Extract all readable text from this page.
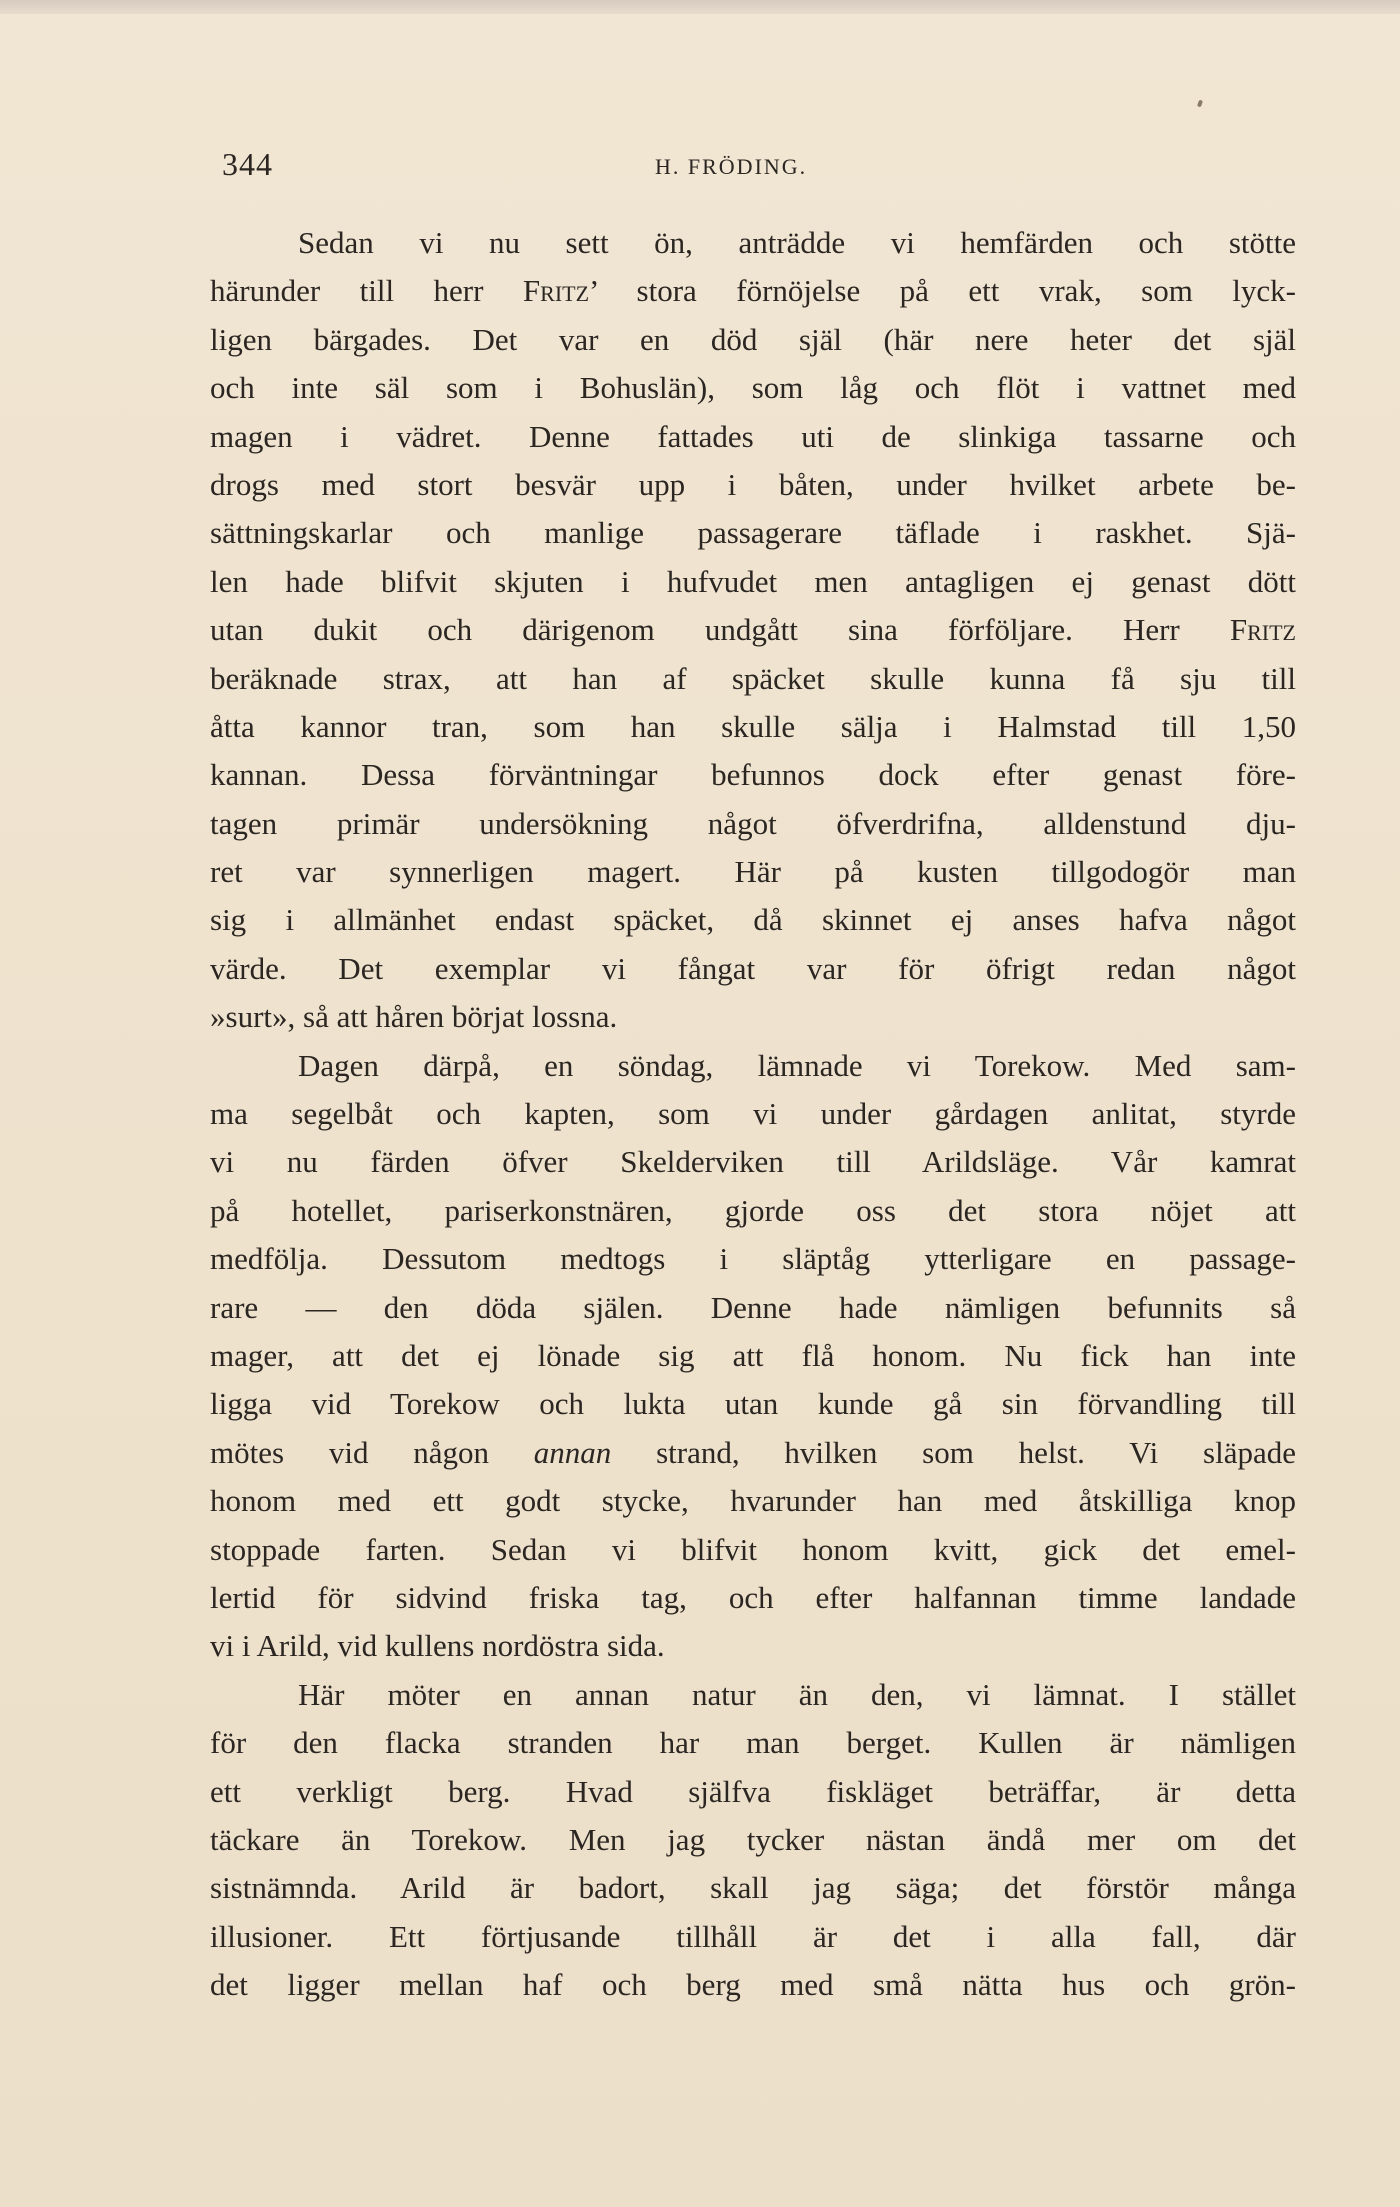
344	H. FRÖDING.
Sedan vi nu sett ön, anträdde vi hemfärden och stötte
härunder till herr Fritz’ stora förnöjelse på ett vrak, som lyck-
ligen bärgades. Det var en död själ (här nere heter det själ
och inte säl som i Bohuslän), som låg och flöt i vattnet med
magen i vädret. Denne fattades uti de slinkiga tassarne och
drogs med stort besvär upp i båten, under hvilket arbete be-
sättningskarlar och manlige passagerare täflade i raskhet. Sjä-
len hade blifvit skjuten i hufvudet men antagligen ej genast dött
utan dukit och därigenom undgått sina förföljare. Herr Fritz
beräknade strax, att han af späcket skulle kunna få sju till
åtta kannor tran, som han skulle sälja i Halmstad till 1,50
kannan. Dessa förväntningar befunnos dock efter genast före-
tagen primär undersökning något öfverdrifna, alldenstund dju-
ret var synnerligen magert. Här på kusten tillgodogör man
sig i allmänhet endast späcket, då skinnet ej anses hafva något
värde. Det exemplar vi fångat var för öfrigt redan något
»surt», så att håren börjat lossna.
Dagen därpå, en söndag, lämnade vi Torekow. Med sam-
ma segelbåt och kapten, som vi under gårdagen anlitat, styrde
vi nu färden öfver Skelderviken till Arildsläge. Vår kamrat
på hotellet, pariserkonstnären, gjorde oss det stora nöjet att
medfölja. Dessutom medtogs i släptåg ytterligare en passage-
rare — den döda själen. Denne hade nämligen befunnits så
mager, att det ej lönade sig att flå honom. Nu fick han inte
ligga vid Torekow och lukta utan kunde gå sin förvandling till
mötes vid någon annan strand, hvilken som helst. Vi släpade
honom med ett godt stycke, hvarunder han med åtskilliga knop
stoppade farten. Sedan vi blifvit honom kvitt, gick det emel-
lertid för sidvind friska tag, och efter halfannan timme landade
vi i Arild, vid kullens nordöstra sida.
Här möter en annan natur än den, vi lämnat. I stället
för den flacka stranden har man berget. Kullen är nämligen
ett verkligt berg. Hvad själfva fiskläget beträffar, är detta
täckare än Torekow. Men jag tycker nästan ändå mer om det
sistnämnda. Arild är badort, skall jag säga; det förstör många
illusioner. Ett förtjusande tillhåll är det i alla fall, där
det ligger mellan haf och berg med små nätta hus och grön-
